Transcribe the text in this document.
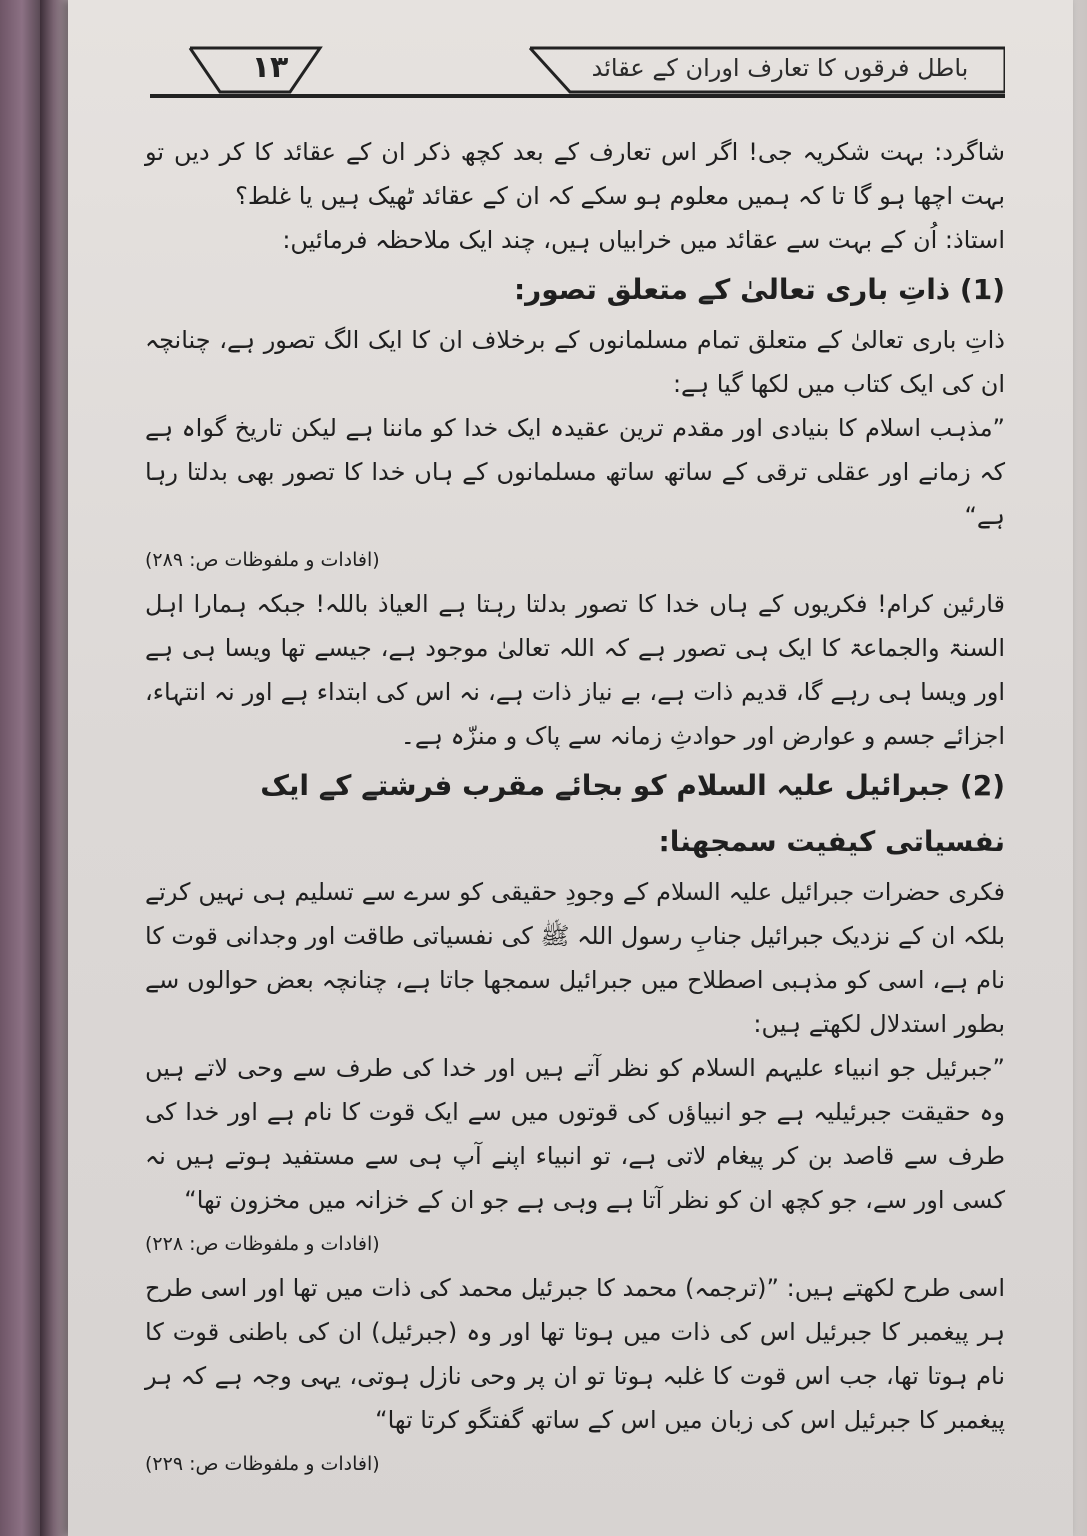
١٣	باطل فرقوں کا تعارف اوران کے عقائد

شاگرد: بہت شکریہ جی! اگر اس تعارف کے بعد کچھ ذکر ان کے عقائد کا کر دیں تو بہت اچھا ہو گا تا کہ ہمیں معلوم ہو سکے کہ ان کے عقائد ٹھیک ہیں یا غلط؟

استاذ: اُن کے بہت سے عقائد میں خرابیاں ہیں، چند ایک ملاحظہ فرمائیں:

(1) ذاتِ باری تعالیٰ کے متعلق تصور:

ذاتِ باری تعالیٰ کے متعلق تمام مسلمانوں کے برخلاف ان کا ایک الگ تصور ہے، چنانچہ ان کی ایک کتاب میں لکھا گیا ہے:

”مذہب اسلام کا بنیادی اور مقدم ترین عقیدہ ایک خدا کو ماننا ہے لیکن تاریخ گواہ ہے کہ زمانے اور عقلی ترقی کے ساتھ ساتھ مسلمانوں کے ہاں خدا کا تصور بھی بدلتا رہا ہے“

(افادات و ملفوظات ص: ٢٨٩)

قارئین کرام! فکریوں کے ہاں خدا کا تصور بدلتا رہتا ہے العیاذ باللہ! جبکہ ہمارا اہل السنۃ والجماعۃ کا ایک ہی تصور ہے کہ اللہ تعالیٰ موجود ہے، جیسے تھا ویسا ہی ہے اور ویسا ہی رہے گا، قدیم ذات ہے، بے نیاز ذات ہے، نہ اس کی ابتداء ہے اور نہ انتہاء، اجزائے جسم و عوارض اور حوادثِ زمانہ سے پاک و منزّہ ہے۔

(2) جبرائیل علیہ السلام کو بجائے مقرب فرشتے کے ایک نفسیاتی کیفیت سمجھنا:

فکری حضرات جبرائیل علیہ السلام کے وجودِ حقیقی کو سرے سے تسلیم ہی نہیں کرتے بلکہ ان کے نزدیک جبرائیل جنابِ رسول اللہ ﷺ کی نفسیاتی طاقت اور وجدانی قوت کا نام ہے، اسی کو مذہبی اصطلاح میں جبرائیل سمجھا جاتا ہے، چنانچہ بعض حوالوں سے بطور استدلال لکھتے ہیں:

”جبرئیل جو انبیاء علیہم السلام کو نظر آتے ہیں اور خدا کی طرف سے وحی لاتے ہیں وہ حقیقت جبرئیلیہ ہے جو انبیاؤں کی قوتوں میں سے ایک قوت کا نام ہے اور خدا کی طرف سے قاصد بن کر پیغام لاتی ہے، تو انبیاء اپنے آپ ہی سے مستفید ہوتے ہیں نہ کسی اور سے، جو کچھ ان کو نظر آتا ہے وہی ہے جو ان کے خزانہ میں مخزون تھا“

(افادات و ملفوظات ص: ٢٢٨)

اسی طرح لکھتے ہیں: ”(ترجمہ) محمد کا جبرئیل محمد کی ذات میں تھا اور اسی طرح ہر پیغمبر کا جبرئیل اس کی ذات میں ہوتا تھا اور وہ (جبرئیل) ان کی باطنی قوت کا نام ہوتا تھا، جب اس قوت کا غلبہ ہوتا تو ان پر وحی نازل ہوتی، یہی وجہ ہے کہ ہر پیغمبر کا جبرئیل اس کی زبان میں اس کے ساتھ گفتگو کرتا تھا“

(افادات و ملفوظات ص: ٢٢٩)
